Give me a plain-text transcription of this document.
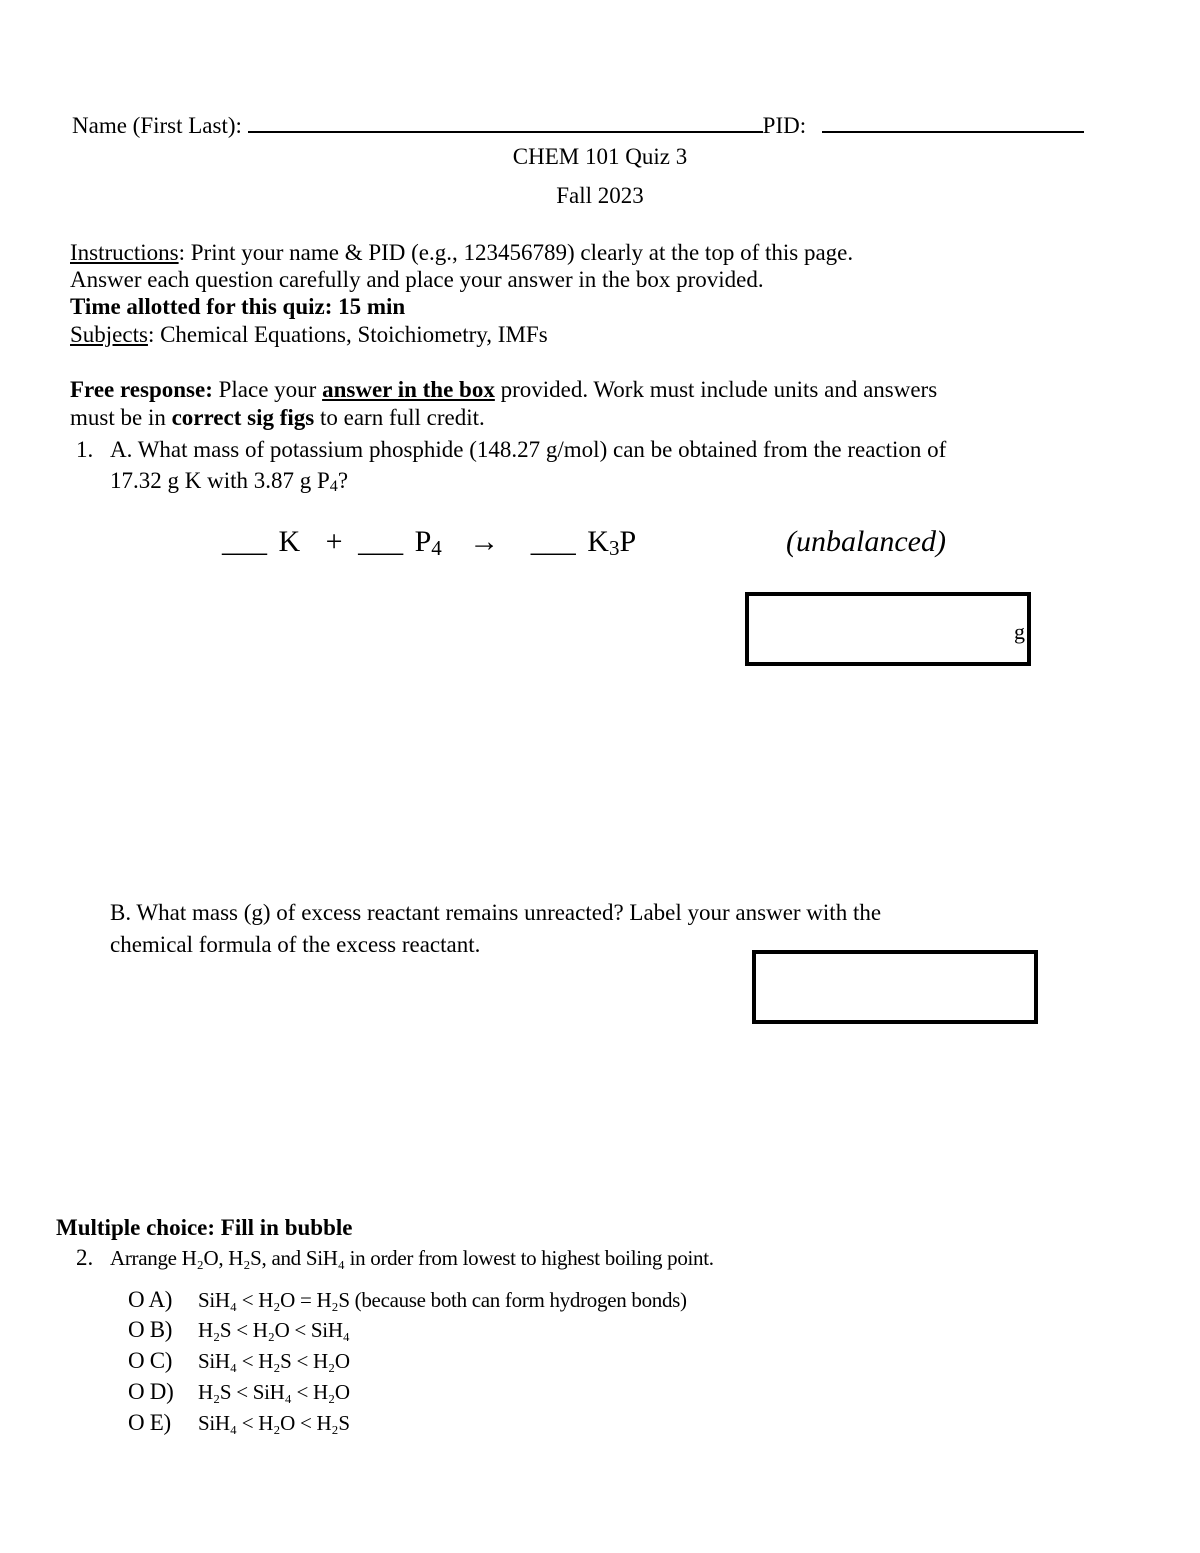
Name (First Last):	PID:
CHEM 101 Quiz 3
Fall 2023
Instructions: Print your name & PID (e.g., 123456789) clearly at the top of this page.
Answer each question carefully and place your answer in the box provided.
Time allotted for this quiz: 15 min
Subjects: Chemical Equations, Stoichiometry, IMFs
Free response: Place your answer in the box provided. Work must include units and answers
must be in correct sig figs to earn full credit.
1. A. What mass of potassium phosphide (148.27 g/mol) can be obtained from the reaction of
17.32 g K with 3.87 g $P_4$?
___ K + ___ $P_4$ → ___ $K_3P$	(unbalanced)
g
B. What mass (g) of excess reactant remains unreacted? Label your answer with the
chemical formula of the excess reactant.
Multiple choice: Fill in bubble
2. Arrange H₂O, H₂S, and SiH₄ in order from lowest to highest boiling point.
O A) SiH₄ < H₂O = H₂S (because both can form hydrogen bonds)
O B) H₂S < H₂O < SiH₄
O C) SiH₄ < H₂S < H₂O
O D) H₂S < SiH₄ < H₂O
O E) SiH₄ < H₂O < H₂S
